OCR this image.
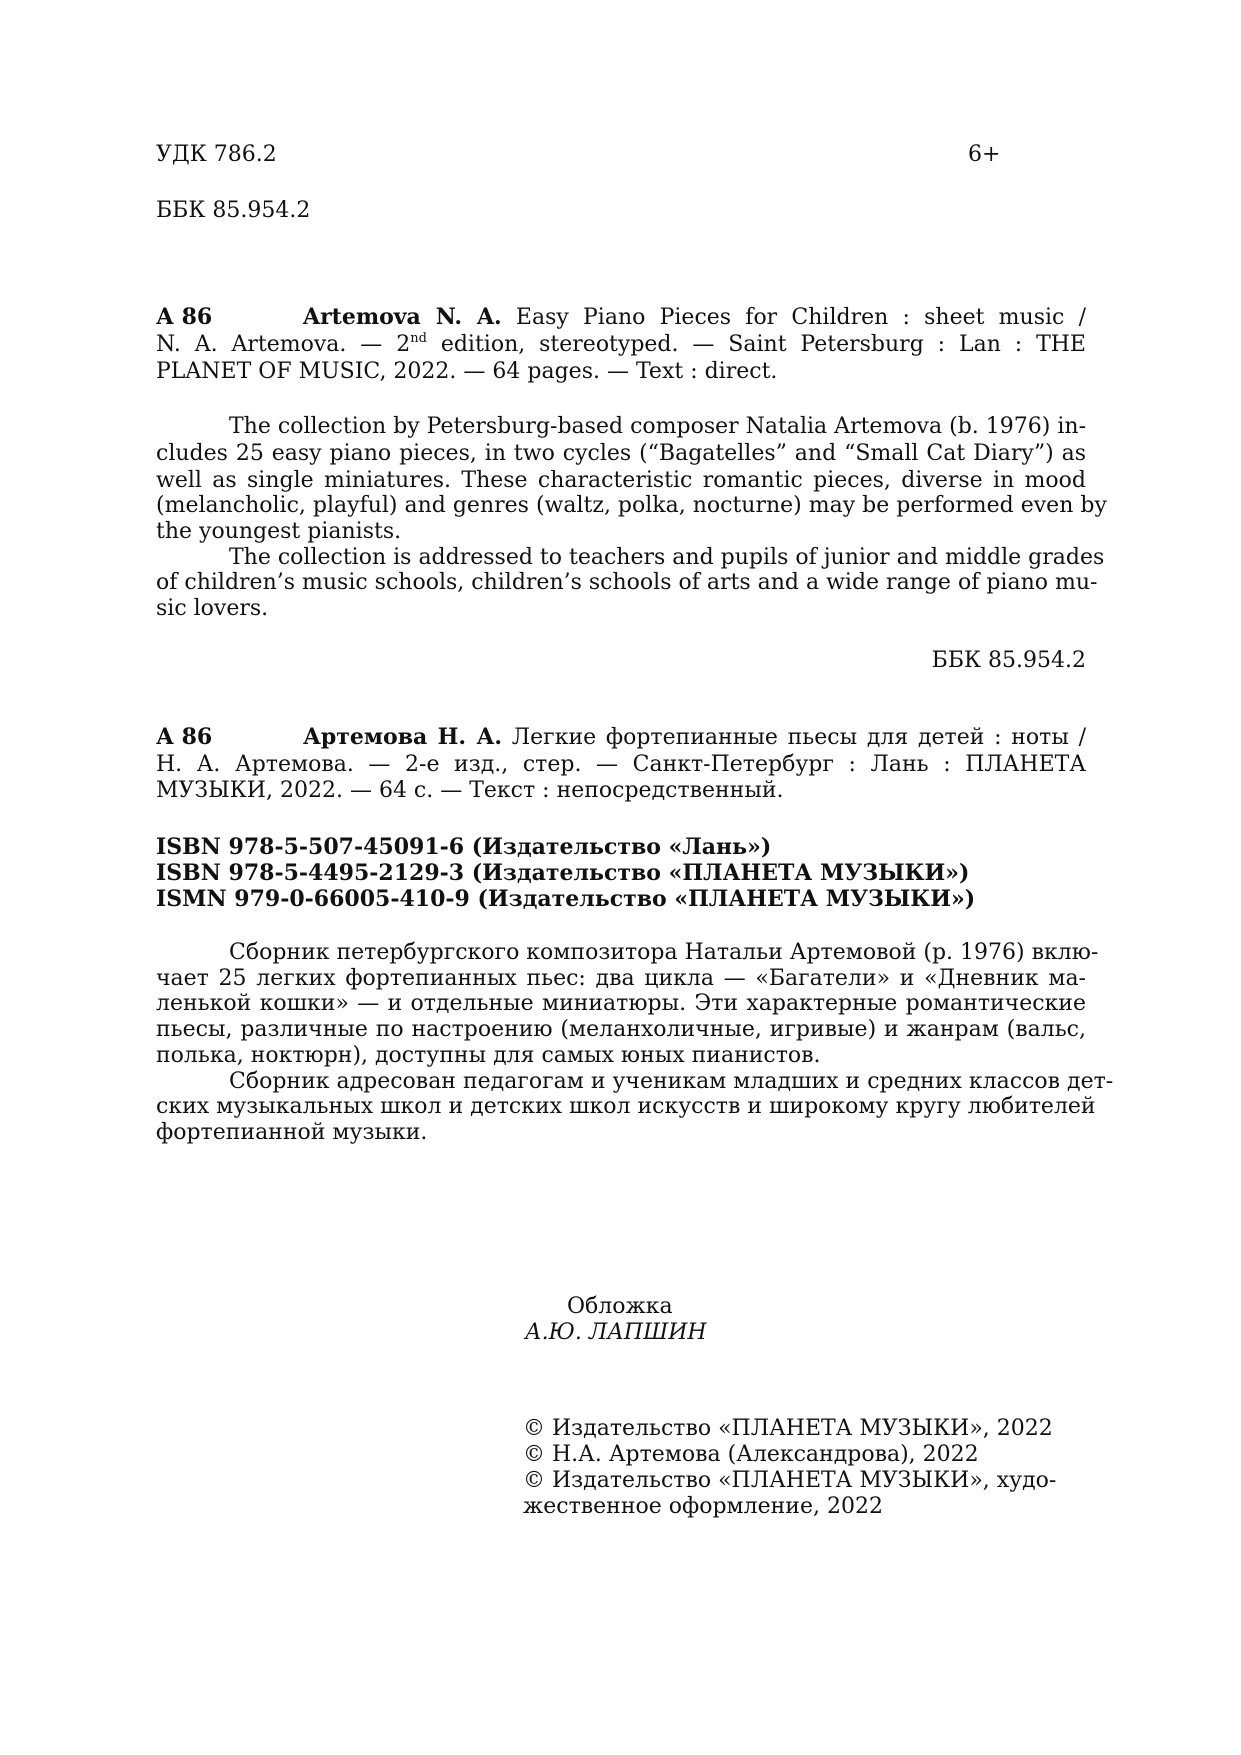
УДК 786.2	6+
ББК 85.954.2
А 86	Artemova N. A. Easy Piano Pieces for Children : sheet music /
N. A. Artemova. — 2nd edition, stereotyped. — Saint Petersburg : Lan : THE
PLANET OF MUSIC, 2022. — 64 pages. — Text : direct.
The collection by Petersburg-based composer Natalia Artemova (b. 1976) in-
cludes 25 easy piano pieces, in two cycles (“Bagatelles” and “Small Cat Diary”) as
well as single miniatures. These characteristic romantic pieces, diverse in mood
(melancholic, playful) and genres (waltz, polka, nocturne) may be performed even by
the youngest pianists.
The collection is addressed to teachers and pupils of junior and middle grades
of children’s music schools, children’s schools of arts and a wide range of piano mu-
sic lovers.
ББК 85.954.2
А 86	Артемова Н. А. Легкие фортепианные пьесы для детей : ноты /
Н. А. Артемова. — 2-е изд., стер. — Санкт-Петербург : Лань : ПЛАНЕТА
МУЗЫКИ, 2022. — 64 с. — Текст : непосредственный.
ISBN 978-5-507-45091-6 (Издательство «Лань»)
ISBN 978-5-4495-2129-3 (Издательство «ПЛАНЕТА МУЗЫКИ»)
ISMN 979-0-66005-410-9 (Издательство «ПЛАНЕТА МУЗЫКИ»)
Сборник петербургского композитора Натальи Артемовой (р. 1976) вклю-
чает 25 легких фортепианных пьес: два цикла — «Багатели» и «Дневник ма-
ленькой кошки» — и отдельные миниатюры. Эти характерные романтические
пьесы, различные по настроению (меланхоличные, игривые) и жанрам (вальс,
полька, ноктюрн), доступны для самых юных пианистов.
Сборник адресован педагогам и ученикам младших и средних классов дет-
ских музыкальных школ и детских школ искусств и широкому кругу любителей
фортепианной музыки.
Обложка
А.Ю. ЛАПШИН
© Издательство «ПЛАНЕТА МУЗЫКИ», 2022
© Н.А. Артемова (Александрова), 2022
© Издательство «ПЛАНЕТА МУЗЫКИ», худо-
жественное оформление, 2022
